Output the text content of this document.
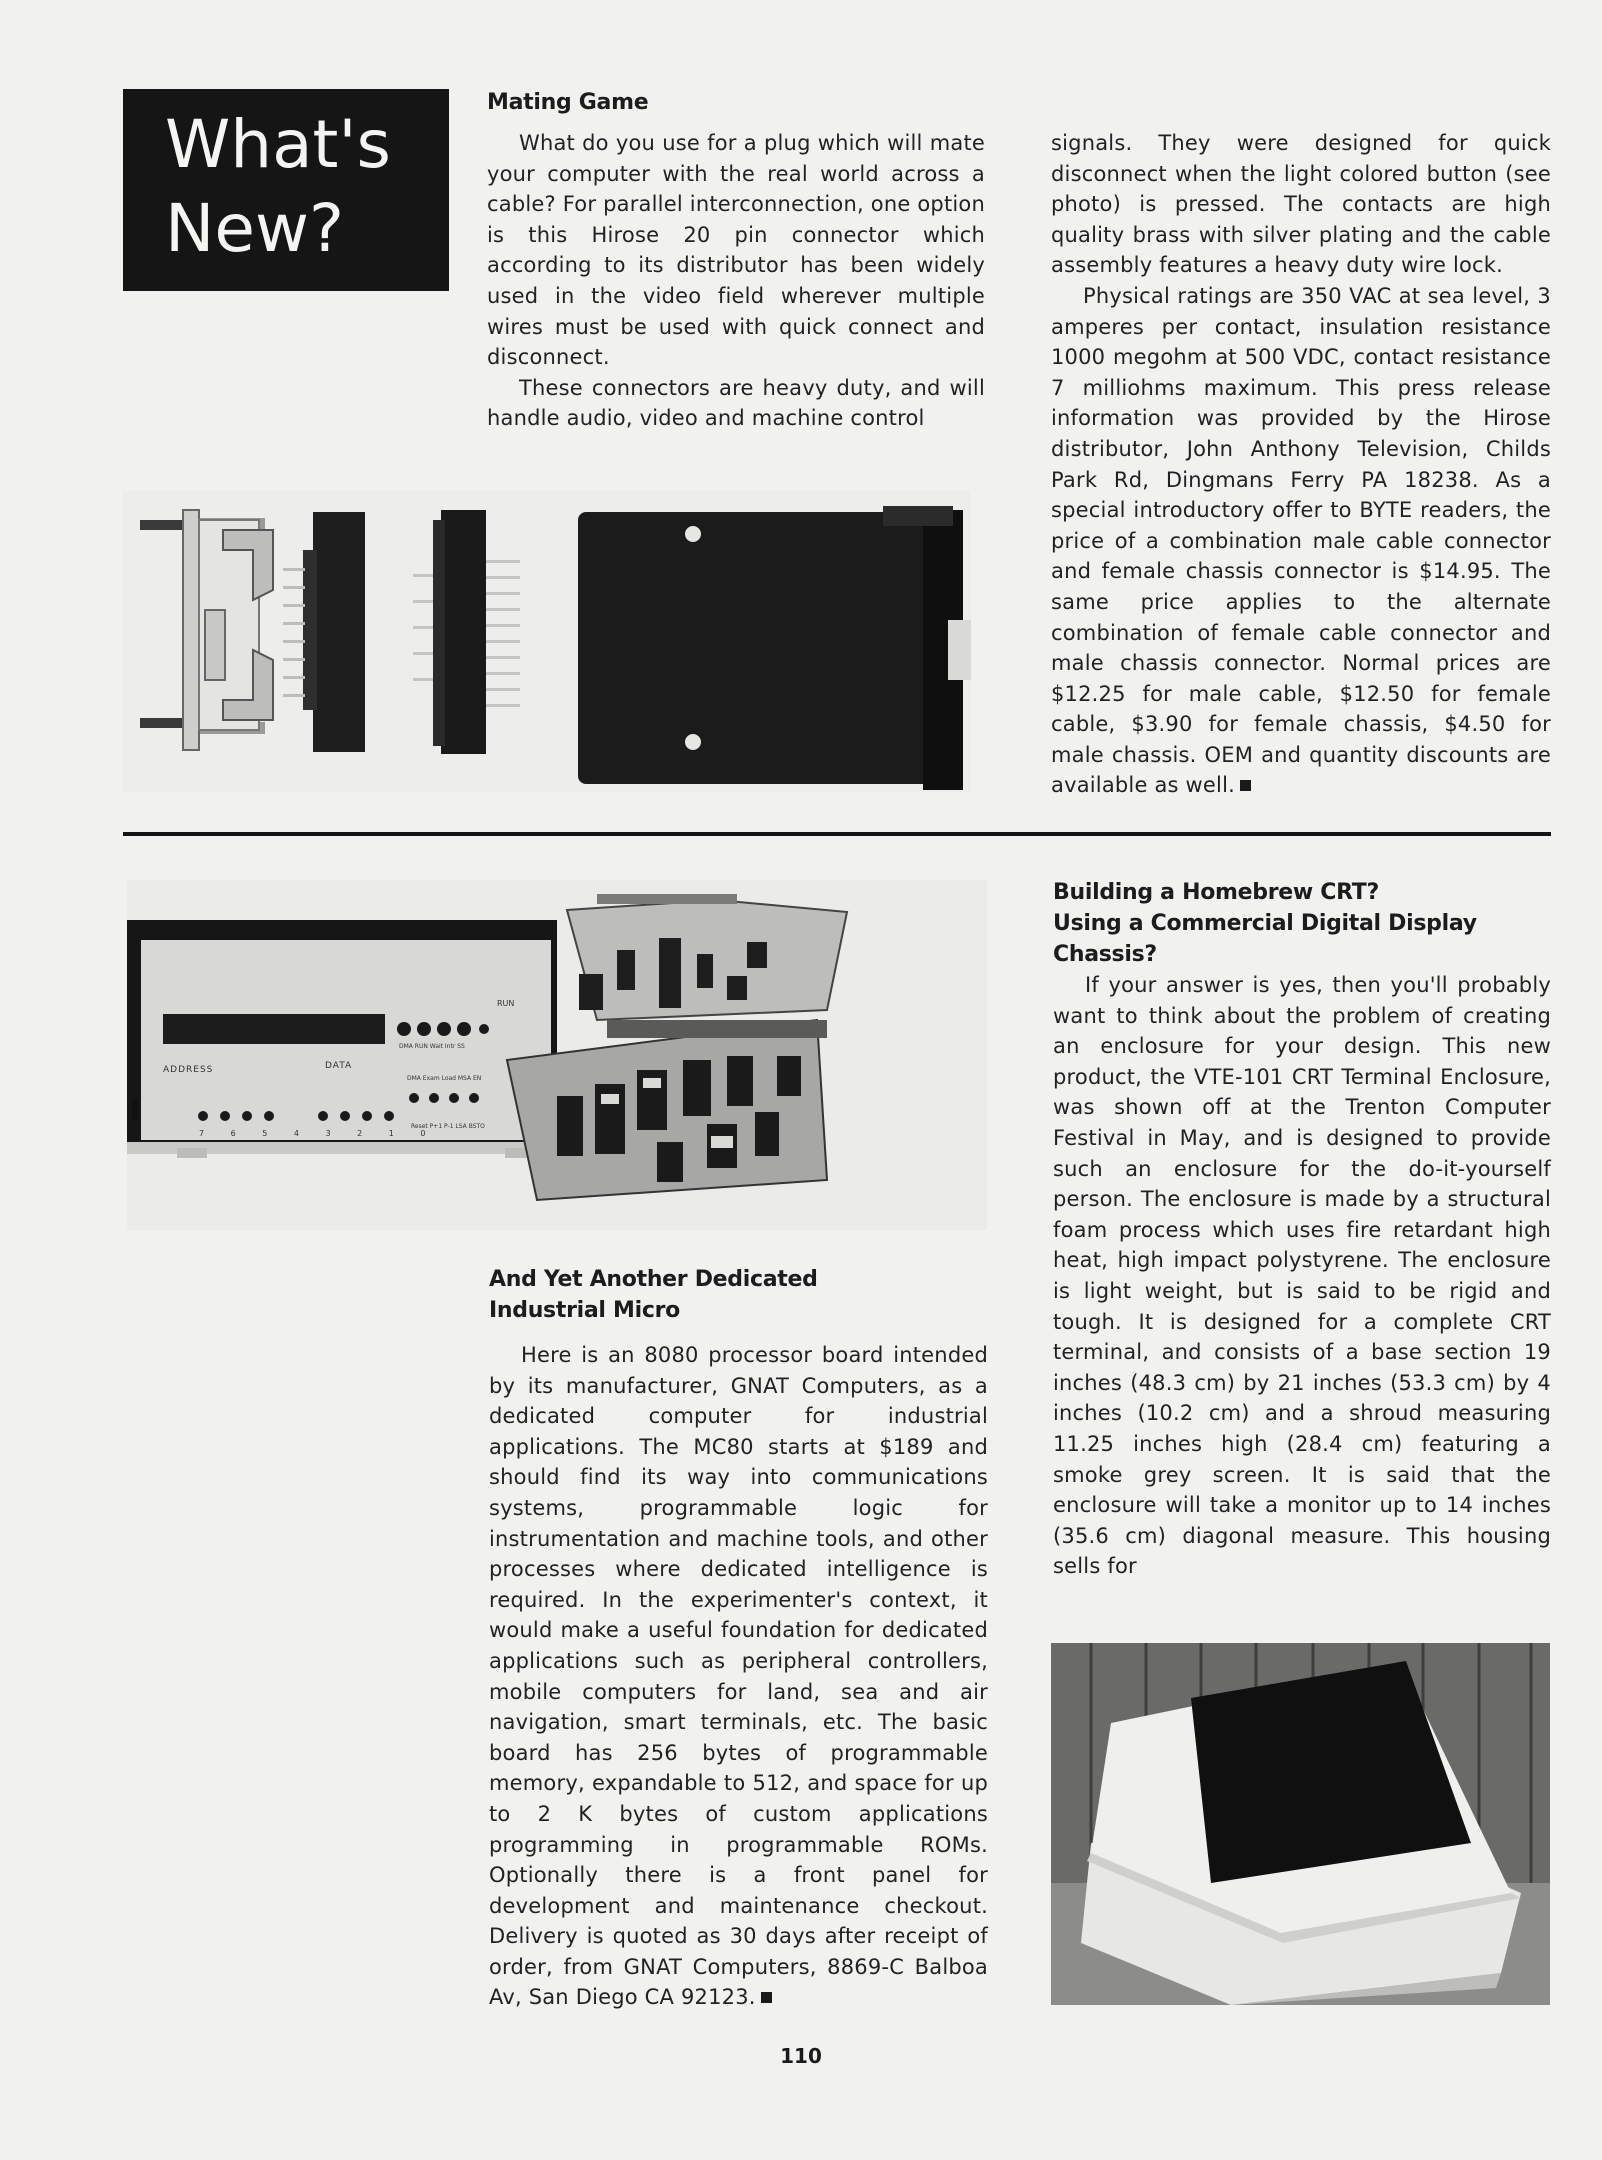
What's
New?
Mating Game

What do you use for a plug which will mate your computer with the real world across a cable? For parallel interconnection, one option is this Hirose 20 pin connector which according to its distributor has been widely used in the video field wherever multiple wires must be used with quick connect and disconnect.

These connectors are heavy duty, and will handle audio, video and machine control

signals. They were designed for quick disconnect when the light colored button (see photo) is pressed. The contacts are high quality brass with silver plating and the cable assembly features a heavy duty wire lock.

Physical ratings are 350 VAC at sea level, 3 amperes per contact, insulation resistance 1000 megohm at 500 VDC, contact resistance 7 milliohms maximum. This press release information was provided by the Hirose distributor, John Anthony Television, Childs Park Rd, Dingmans Ferry PA 18238. As a special introductory offer to BYTE readers, the price of a combination male cable connector and female chassis connector is $14.95. The same price applies to the alternate combination of female cable connector and male chassis connector. Normal prices are $12.25 for male cable, $12.50 for female cable, $3.90 for female chassis, $4.50 for male chassis. OEM and quantity discounts are available as well.

ADDRESS	DATA
RUN
DMA RUN Wait Intr SS
DMA Exam Load MSA EN
Reset P+1 P-1 LSA BSTO
7 6 5 4 3 2 1 0
And Yet Another Dedicated
Industrial Micro

Here is an 8080 processor board intended by its manufacturer, GNAT Computers, as a dedicated computer for industrial applications. The MC80 starts at $189 and should find its way into communications systems, programmable logic for instrumentation and machine tools, and other processes where dedicated intelligence is required. In the experimenter's context, it would make a useful foundation for dedicated applications such as peripheral controllers, mobile computers for land, sea and air navigation, smart terminals, etc. The basic board has 256 bytes of programmable memory, expandable to 512, and space for up to 2 K bytes of custom applications programming in programmable ROMs. Optionally there is a front panel for development and maintenance checkout. Delivery is quoted as 30 days after receipt of order, from GNAT Computers, 8869-C Balboa Av, San Diego CA 92123.

Building a Homebrew CRT?
Using a Commercial Digital Display Chassis?

If your answer is yes, then you'll probably want to think about the problem of creating an enclosure for your design. This new product, the VTE-101 CRT Terminal Enclosure, was shown off at the Trenton Computer Festival in May, and is designed to provide such an enclosure for the do-it-yourself person. The enclosure is made by a structural foam process which uses fire retardant high heat, high impact polystyrene. The enclosure is light weight, but is said to be rigid and tough. It is designed for a complete CRT terminal, and consists of a base section 19 inches (48.3 cm) by 21 inches (53.3 cm) by 4 inches (10.2 cm) and a shroud measuring 11.25 inches high (28.4 cm) featuring a smoke grey screen. It is said that the enclosure will take a monitor up to 14 inches (35.6 cm) diagonal measure. This housing sells for

110
